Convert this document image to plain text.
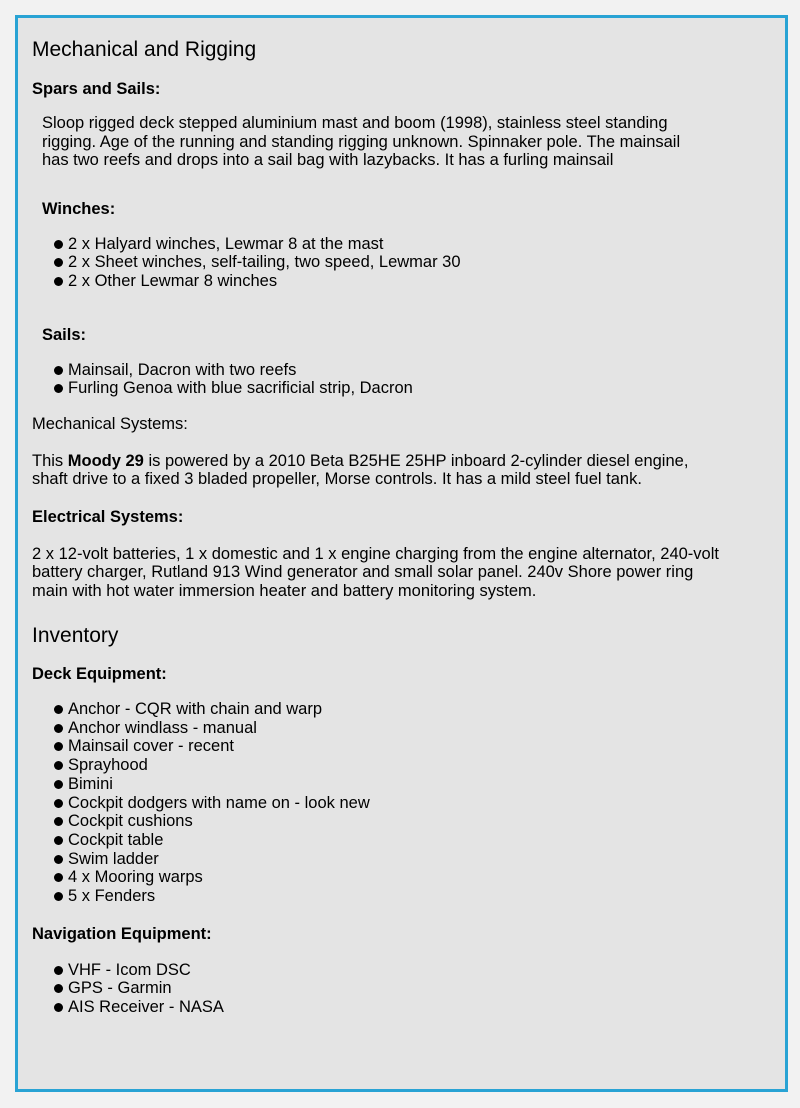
Mechanical and Rigging
Spars and Sails:
Sloop rigged deck stepped aluminium mast and boom (1998), stainless steel standing
rigging. Age of the running and standing rigging unknown. Spinnaker pole. The mainsail
has two reefs and drops into a sail bag with lazybacks. It has a furling mainsail
Winches:
2 x Halyard winches, Lewmar 8 at the mast
2 x Sheet winches, self-tailing, two speed, Lewmar 30
2 x Other Lewmar 8 winches
Sails:
Mainsail, Dacron with two reefs
Furling Genoa with blue sacrificial strip, Dacron
Mechanical Systems:
This Moody 29 is powered by a 2010 Beta B25HE 25HP inboard 2-cylinder diesel engine,
shaft drive to a fixed 3 bladed propeller, Morse controls. It has a mild steel fuel tank.
Electrical Systems:
2 x 12-volt batteries, 1 x domestic and 1 x engine charging from the engine alternator, 240-volt
battery charger, Rutland 913 Wind generator and small solar panel. 240v Shore power ring
main with hot water immersion heater and battery monitoring system.
Inventory
Deck Equipment:
Anchor - CQR with chain and warp
Anchor windlass - manual
Mainsail cover - recent
Sprayhood
Bimini
Cockpit dodgers with name on - look new
Cockpit cushions
Cockpit table
Swim ladder
4 x Mooring warps
5 x Fenders
Navigation Equipment:
VHF - Icom DSC
GPS - Garmin
AIS Receiver - NASA
